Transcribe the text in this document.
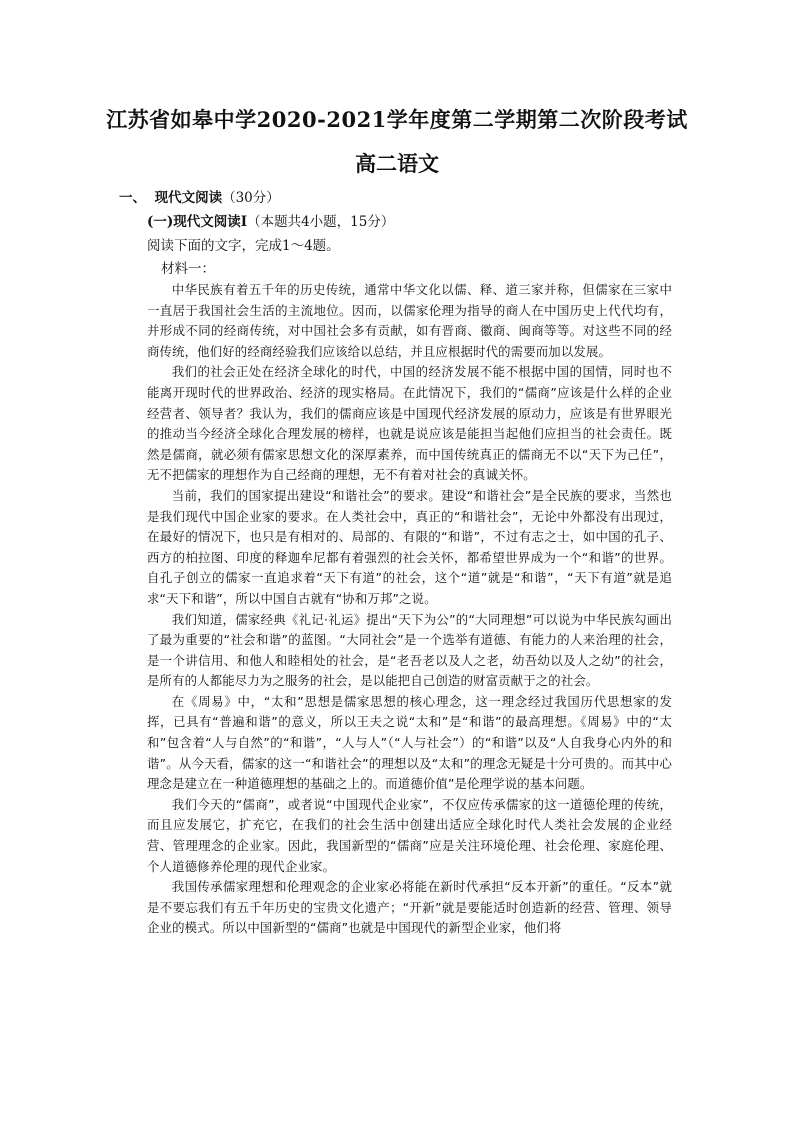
江苏省如皋中学2020-2021学年度第二学期第二次阶段考试
高二语文
一、 现代文阅读（30分）
(一)现代文阅读Ⅰ（本题共4小题，15分）
阅读下面的文字，完成1～4题。
材料一：

中华民族有着五千年的历史传统，通常中华文化以儒、释、道三家并称，但儒家在三家中一直居于我国社会生活的主流地位。因而，以儒家伦理为指导的商人在中国历史上代代均有，并形成不同的经商传统，对中国社会多有贡献，如有晋商、徽商、闽商等等。对这些不同的经商传统，他们好的经商经验我们应该给以总结，并且应根据时代的需要而加以发展。

我们的社会正处在经济全球化的时代，中国的经济发展不能不根据中国的国情，同时也不能离开现时代的世界政治、经济的现实格局。在此情况下，我们的“儒商”应该是什么样的企业经营者、领导者？我认为，我们的儒商应该是中国现代经济发展的原动力，应该是有世界眼光的推动当今经济全球化合理发展的榜样，也就是说应该是能担当起他们应担当的社会责任。既然是儒商，就必须有儒家思想文化的深厚素养，而中国传统真正的儒商无不以“天下为己任”，无不把儒家的理想作为自己经商的理想，无不有着对社会的真诚关怀。

当前，我们的国家提出建设“和谐社会”的要求。建设“和谐社会”是全民族的要求，当然也是我们现代中国企业家的要求。在人类社会中，真正的“和谐社会”，无论中外都没有出现过，在最好的情况下，也只是有相对的、局部的、有限的“和谐”，不过有志之士，如中国的孔子、西方的柏拉图、印度的释迦牟尼都有着强烈的社会关怀，都希望世界成为一个“和谐”的世界。自孔子创立的儒家一直追求着“天下有道”的社会，这个“道”就是“和谐”，“天下有道”就是追求“天下和谐”，所以中国自古就有“协和万邦”之说。

我们知道，儒家经典《礼记·礼运》提出“天下为公”的“大同理想”可以说为中华民族勾画出了最为重要的“社会和谐”的蓝图。“大同社会”是一个选举有道德、有能力的人来治理的社会，是一个讲信用、和他人和睦相处的社会，是“老吾老以及人之老，幼吾幼以及人之幼”的社会，是所有的人都能尽力为之服务的社会，是以能把自己创造的财富贡献于之的社会。

在《周易》中，“太和”思想是儒家思想的核心理念，这一理念经过我国历代思想家的发挥，已具有“普遍和谐”的意义，所以王夫之说“太和”是“和谐”的最高理想。《周易》中的“太和”包含着“人与自然”的“和谐”，“人与人”（“人与社会”）的“和谐”以及“人自我身心内外的和谐”。从今天看，儒家的这一“和谐社会”的理想以及“太和”的理念无疑是十分可贵的。而其中心理念是建立在一种道德理想的基础之上的。而道德价值”是伦理学说的基本问题。

我们今天的“儒商”，或者说“中国现代企业家”，不仅应传承儒家的这一道德伦理的传统，而且应发展它，扩充它，在我们的社会生活中创建出适应全球化时代人类社会发展的企业经营、管理理念的企业家。因此，我国新型的“儒商”应是关注环境伦理、社会伦理、家庭伦理、个人道德修养伦理的现代企业家。

我国传承儒家理想和伦理观念的企业家必将能在新时代承担“反本开新”的重任。“反本”就是不要忘我们有五千年历史的宝贵文化遗产；“开新”就是要能适时创造新的经营、管理、领导企业的模式。所以中国新型的“儒商”也就是中国现代的新型企业家，他们将
